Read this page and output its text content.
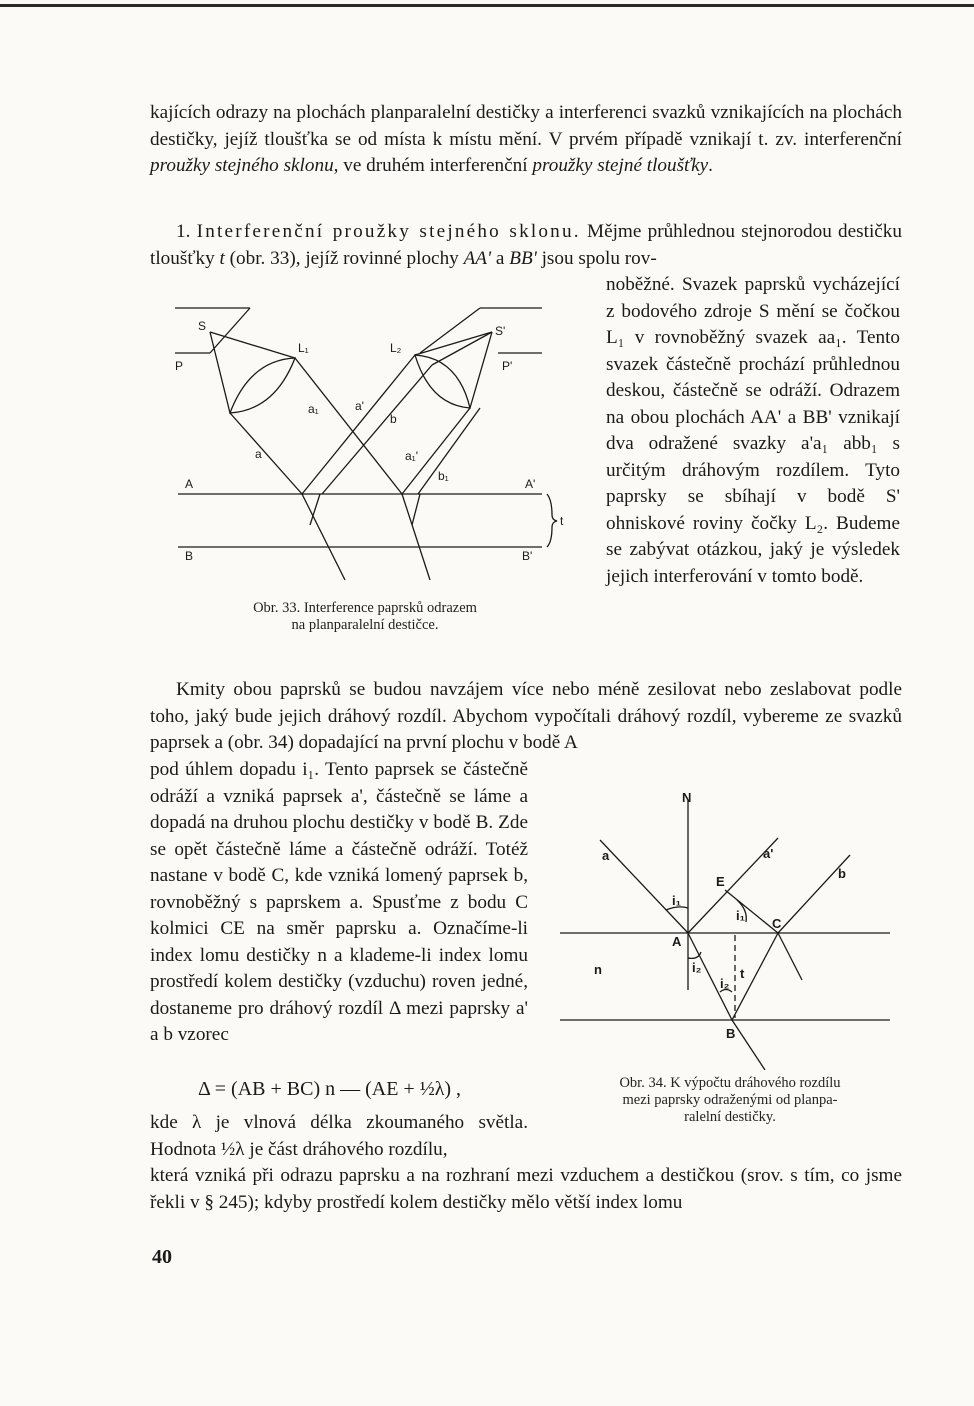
kajících odrazy na plochách planparalelní destičky a interferenci svazků vznikajících na plochách destičky, jejíž tloušťka se od místa k místu mění. V prvém případě vznikají t. zv. interferenční proužky stejného sklonu, ve druhém interferenční proužky stejné tloušťky.

1. Interferenční proužky stejného sklonu. Mějme průhlednou stejnorodou destičku tloušťky t (obr. 33), jejíž rovinné plochy AA' a BB' jsou spolu rov-

noběžné. Svazek paprsků vycházející z bodového zdroje S mění se čočkou L₁ v rovnoběžný svazek aa₁. Tento svazek částečně prochází průhlednou deskou, částečně se odráží. Odrazem na obou plochách AA' a BB' vznikají dva odražené svazky a'a₁ abb₁ s určitým dráhovým rozdílem. Tyto paprsky se sbíhají v bodě S' ohniskové roviny čočky L₂. Budeme se zabývat otázkou, jaký je výsledek jejich interferování v tomto bodě.

S
P
L₁	L₂
S'
P'
a₁	a'
b
a	a₁'
b₁
A	A'
B	B'
t
Obr. 33. Interference paprsků odrazem
na planparalelní destičce.

Kmity obou paprsků se budou navzájem více nebo méně zesilovat nebo zeslabovat podle toho, jaký bude jejich dráhový rozdíl. Abychom vypočítali dráhový rozdíl, vybereme ze svazků paprsek a (obr. 34) dopadající na první plochu v bodě A

pod úhlem dopadu i₁. Tento paprsek se částečně odráží a vzniká paprsek a', částečně se láme a dopadá na druhou plochu destičky v bodě B. Zde se opět částečně láme a částečně odráží. Totéž nastane v bodě C, kde vzniká lomený paprsek b, rovnoběžný s paprskem a. Spusťme z bodu C kolmici CE na směr paprsku a. Označíme-li index lomu destičky n a klademe-li index lomu prostředí kolem destičky (vzduchu) roven jedné, dostaneme pro dráhový rozdíl Δ mezi paprsky a' a b vzorec

Δ = (AB + BC) n — (AE + ½λ) ,

kde λ je vlnová délka zkoumaného světla. Hodnota ½λ je část dráhového rozdílu,

N
a	a'
b
E
C
A
B
n
i₁
i₁
i₂
i₂
t
Obr. 34. K výpočtu dráhového rozdílu
mezi paprsky odraženými od planpa-
ralelní destičky.

která vzniká při odrazu paprsku a na rozhraní mezi vzduchem a destičkou (srov. s tím, co jsme řekli v § 245); kdyby prostředí kolem destičky mělo větší index lomu

40
